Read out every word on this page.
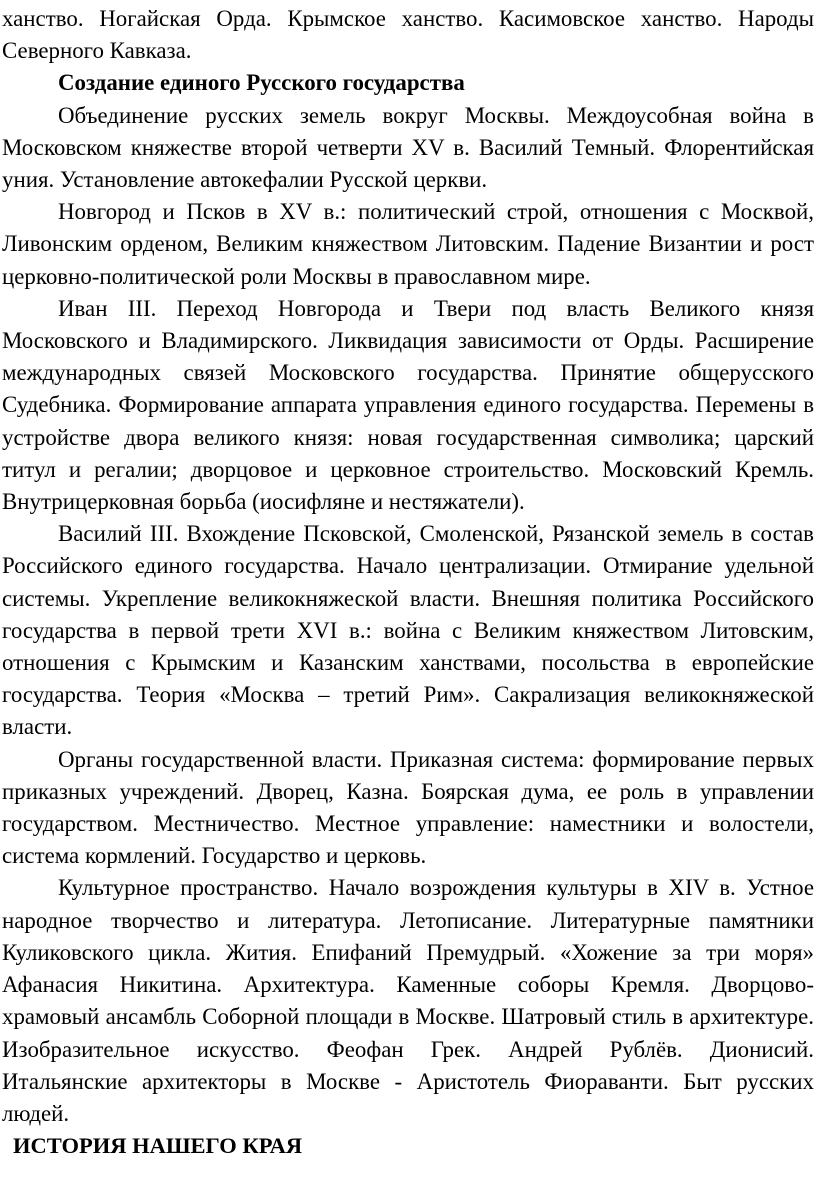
ханство. Ногайская Орда. Крымское ханство. Касимовское ханство. Народы Северного Кавказа.

Создание единого Русского государства

Объединение русских земель вокруг Москвы. Междоусобная война в Московском княжестве второй четверти XV в. Василий Темный. Флорентийская уния. Установление автокефалии Русской церкви.

Новгород и Псков в XV в.: политический строй, отношения с Москвой, Ливонским орденом, Великим княжеством Литовским. Падение Византии и рост церковно-политической роли Москвы в православном мире.

Иван III. Переход Новгорода и Твери под власть Великого князя Московского и Владимирского. Ликвидация зависимости от Орды. Расширение международных связей Московского государства. Принятие общерусского Судебника. Формирование аппарата управления единого государства. Перемены в устройстве двора великого князя: новая государственная символика; царский титул и регалии; дворцовое и церковное строительство. Московский Кремль. Внутрицерковная борьба (иосифляне и нестяжатели).

Василий III. Вхождение Псковской, Смоленской, Рязанской земель в состав Российского единого государства. Начало централизации. Отмирание удельной системы. Укрепление великокняжеской власти. Внешняя политика Российского государства в первой трети XVI в.: война с Великим княжеством Литовским, отношения с Крымским и Казанским ханствами, посольства в европейские государства. Теория «Москва – третий Рим». Сакрализация великокняжеской власти.

Органы государственной власти. Приказная система: формирование первых приказных учреждений. Дворец, Казна. Боярская дума, ее роль в управлении государством. Местничество. Местное управление: наместники и волостели, система кормлений. Государство и церковь.

Культурное пространство. Начало возрождения культуры в XIV в. Устное народное творчество и литература. Летописание. Литературные памятники Куликовского цикла. Жития. Епифаний Премудрый. «Хожение за три моря» Афанасия Никитина. Архитектура. Каменные соборы Кремля. Дворцово-храмовый ансамбль Соборной площади в Москве. Шатровый стиль в архитектуре. Изобразительное искусство. Феофан Грек. Андрей Рублёв. Дионисий. Итальянские архитекторы в Москве - Аристотель Фиораванти. Быт русских людей.

ИСТОРИЯ НАШЕГО КРАЯ
